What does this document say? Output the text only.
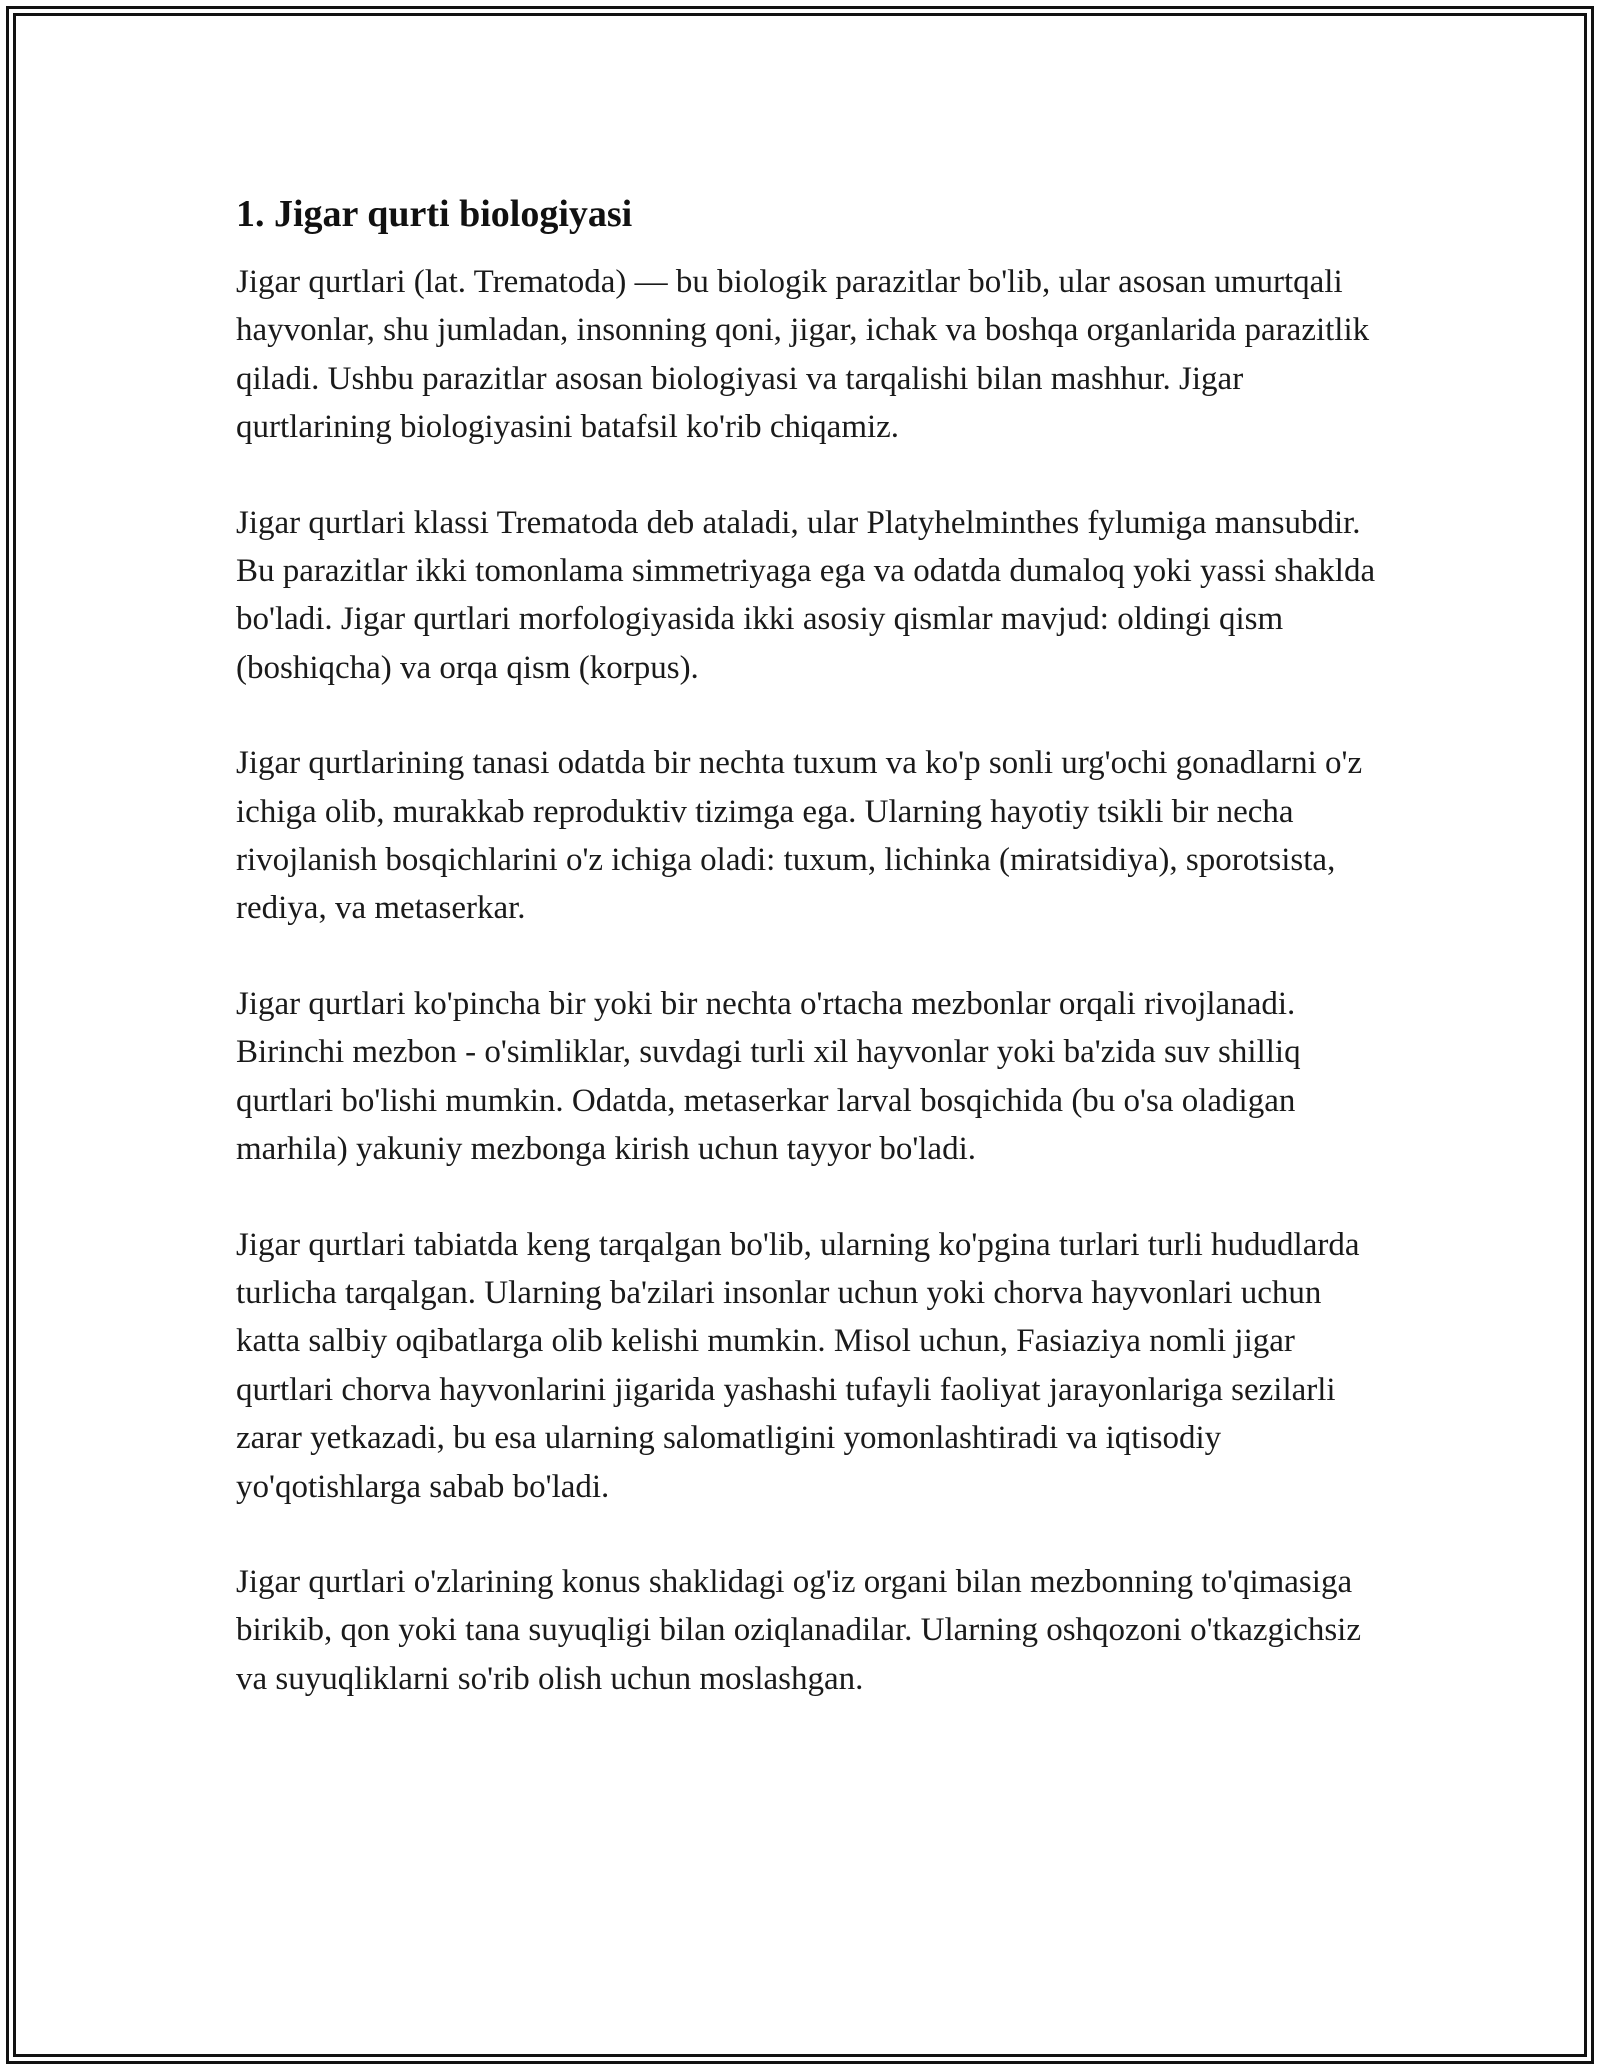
1. Jigar qurti biologiyasi

Jigar qurtlari (lat. Trematoda) — bu biologik parazitlar bo'lib, ular asosan umurtqali hayvonlar, shu jumladan, insonning qoni, jigar, ichak va boshqa organlarida parazitlik qiladi. Ushbu parazitlar asosan biologiyasi va tarqalishi bilan mashhur. Jigar qurtlarining biologiyasini batafsil ko'rib chiqamiz.

Jigar qurtlari klassi Trematoda deb ataladi, ular Platyhelminthes fylumiga mansubdir. Bu parazitlar ikki tomonlama simmetriyaga ega va odatda dumaloq yoki yassi shaklda bo'ladi. Jigar qurtlari morfologiyasida ikki asosiy qismlar mavjud: oldingi qism (boshiqcha) va orqa qism (korpus).

Jigar qurtlarining tanasi odatda bir nechta tuxum va ko'p sonli urg'ochi gonadlarni o'z ichiga olib, murakkab reproduktiv tizimga ega. Ularning hayotiy tsikli bir necha rivojlanish bosqichlarini o'z ichiga oladi: tuxum, lichinka (miratsidiya), sporotsista, rediya, va metaserkar.

Jigar qurtlari ko'pincha bir yoki bir nechta o'rtacha mezbonlar orqali rivojlanadi. Birinchi mezbon - o'simliklar, suvdagi turli xil hayvonlar yoki ba'zida suv shilliq qurtlari bo'lishi mumkin. Odatda, metaserkar larval bosqichida (bu o'sa oladigan marhila) yakuniy mezbonga kirish uchun tayyor bo'ladi.

Jigar qurtlari tabiatda keng tarqalgan bo'lib, ularning ko'pgina turlari turli hududlarda turlicha tarqalgan. Ularning ba'zilari insonlar uchun yoki chorva hayvonlari uchun katta salbiy oqibatlarga olib kelishi mumkin. Misol uchun, Fasiaziya nomli jigar qurtlari chorva hayvonlarini jigarida yashashi tufayli faoliyat jarayonlariga sezilarli zarar yetkazadi, bu esa ularning salomatligini yomonlashtiradi va iqtisodiy yo'qotishlarga sabab bo'ladi.

Jigar qurtlari o'zlarining konus shaklidagi og'iz organi bilan mezbonning to'qimasiga birikib, qon yoki tana suyuqligi bilan oziqlanadilar. Ularning oshqozoni o'tkazgichsiz va suyuqliklarni so'rib olish uchun moslashgan.
